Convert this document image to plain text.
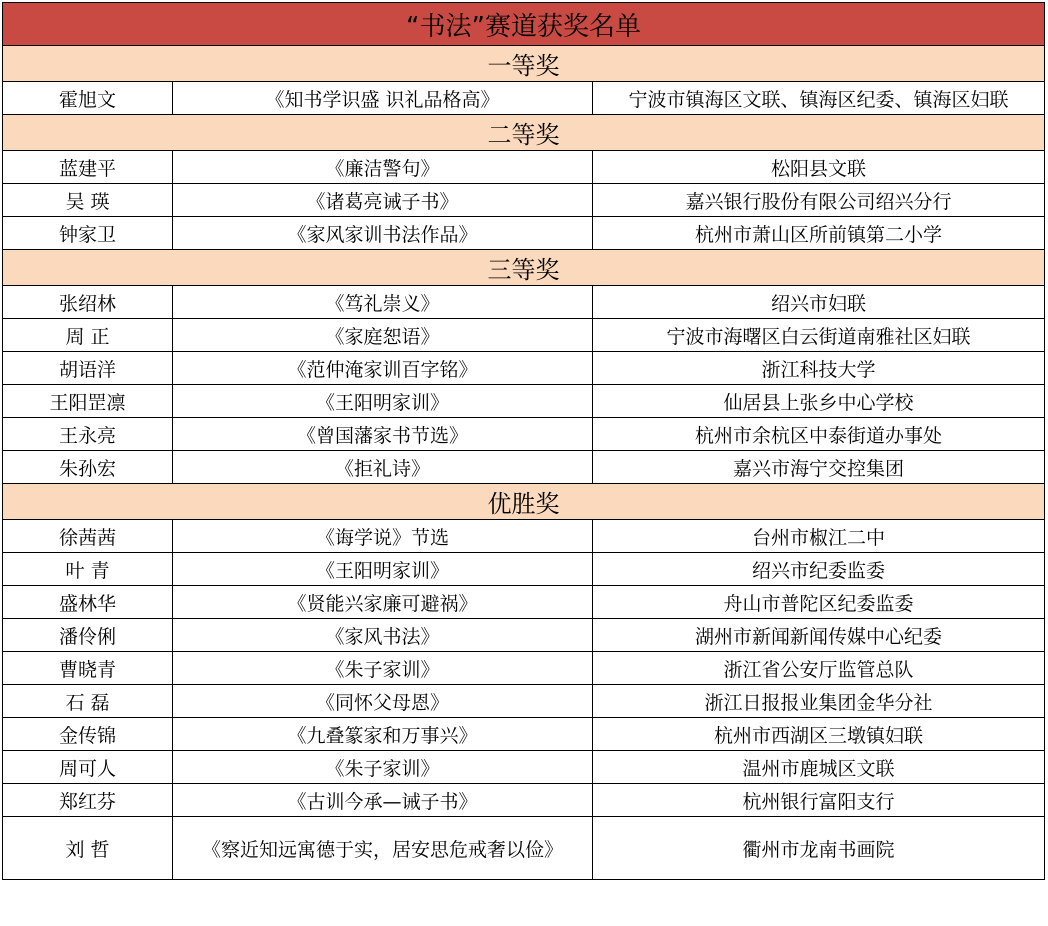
“书法”赛道获奖名单		
一等奖		
霍旭文	《知书学识盛 识礼品格高》	宁波市镇海区文联、镇海区纪委、镇海区妇联
二等奖		
蓝建平	《廉洁警句》	松阳县文联
吴 瑛	《诸葛亮诫子书》	嘉兴银行股份有限公司绍兴分行
钟家卫	《家风家训书法作品》	杭州市萧山区所前镇第二小学
三等奖		
张绍林	《笃礼崇义》	绍兴市妇联
周 正	《家庭恕语》	宁波市海曙区白云街道南雅社区妇联
胡语洋	《范仲淹家训百字铭》	浙江科技大学
王阳罡凛	《王阳明家训》	仙居县上张乡中心学校
王永亮	《曾国藩家书节选》	杭州市余杭区中泰街道办事处
朱孙宏	《拒礼诗》	嘉兴市海宁交控集团
优胜奖		
徐茜茜	《诲学说》节选	台州市椒江二中
叶 青	《王阳明家训》	绍兴市纪委监委
盛林华	《贤能兴家廉可避祸》	舟山市普陀区纪委监委
潘伶俐	《家风书法》	湖州市新闻新闻传媒中心纪委
曹晓青	《朱子家训》	浙江省公安厅监管总队
石 磊	《同怀父母恩》	浙江日报报业集团金华分社
金传锦	《九叠篆家和万事兴》	杭州市西湖区三墩镇妇联
周可人	《朱子家训》	温州市鹿城区文联
郑红芬	《古训今承—诫子书》	杭州银行富阳支行
刘 哲	《察近知远寓德于实，居安思危戒奢以俭》	衢州市龙南书画院
